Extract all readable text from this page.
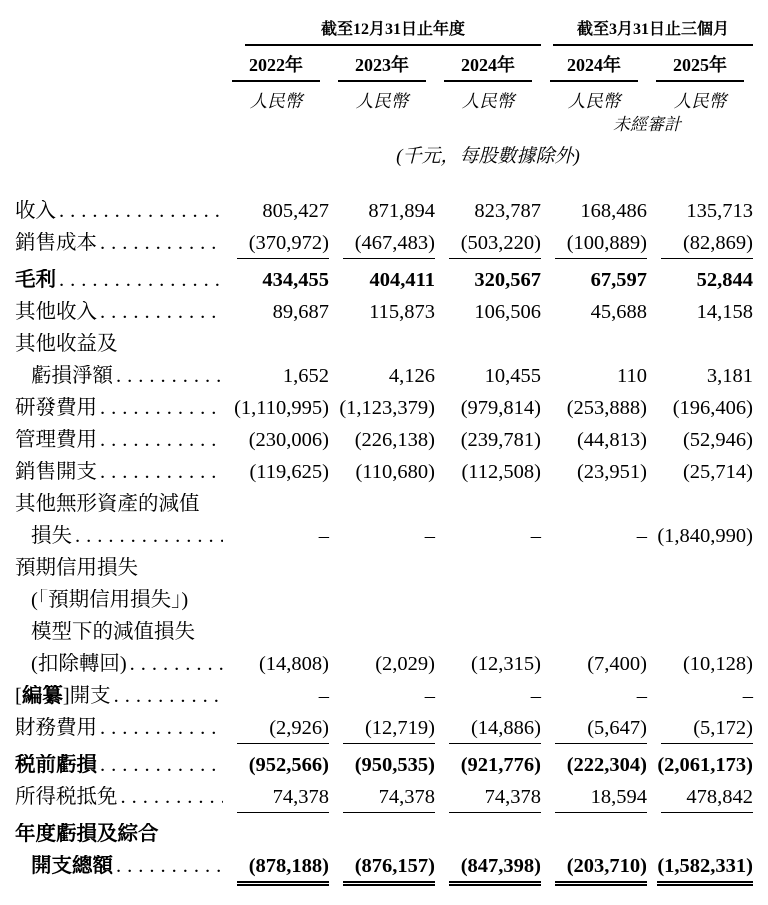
截至12月31日止年度	截至3月31日止三個月
2022年	2023年	2024年	2024年	2025年
人民幣	人民幣	人民幣	人民幣	人民幣
未經審計
(千元，每股數據除外)
收入 .....	805,427	871,894	823,787	168,486	135,713
銷售成本 .....	(370,972)	(467,483)	(503,220)	(100,889)	(82,869)
毛利 .....	434,455	404,411	320,567	67,597	52,844
其他收入 .....	89,687	115,873	106,506	45,688	14,158
其他收益及
虧損淨額 .....	1,652	4,126	10,455	110	3,181
研發費用 .....	(1,110,995) (1,123,379)	(979,814)	(253,888)	(196,406)
管理費用 .....	(230,006)	(226,138)	(239,781)	(44,813)	(52,946)
銷售開支 .....	(119,625)	(110,680)	(112,508)	(23,951)	(25,714)
其他無形資產的減值
損失 .....	–	–	–	– (1,840,990)
預期信用損失
(「預期信用損失」)
模型下的減值損失
(扣除轉回) .....	(14,808)	(2,029)	(12,315)	(7,400)	(10,128)
[編纂]開支 .....	–	–	–	–	–
財務費用 .....	(2,926)	(12,719)	(14,886)	(5,647)	(5,172)
税前虧損 .....	(952,566)	(950,535)	(921,776)	(222,304) (2,061,173)
所得税抵免 .....	74,378	74,378	74,378	18,594	478,842
年度虧損及綜合
開支總額 .....	(878,188)	(876,157)	(847,398)	(203,710) (1,582,331)
